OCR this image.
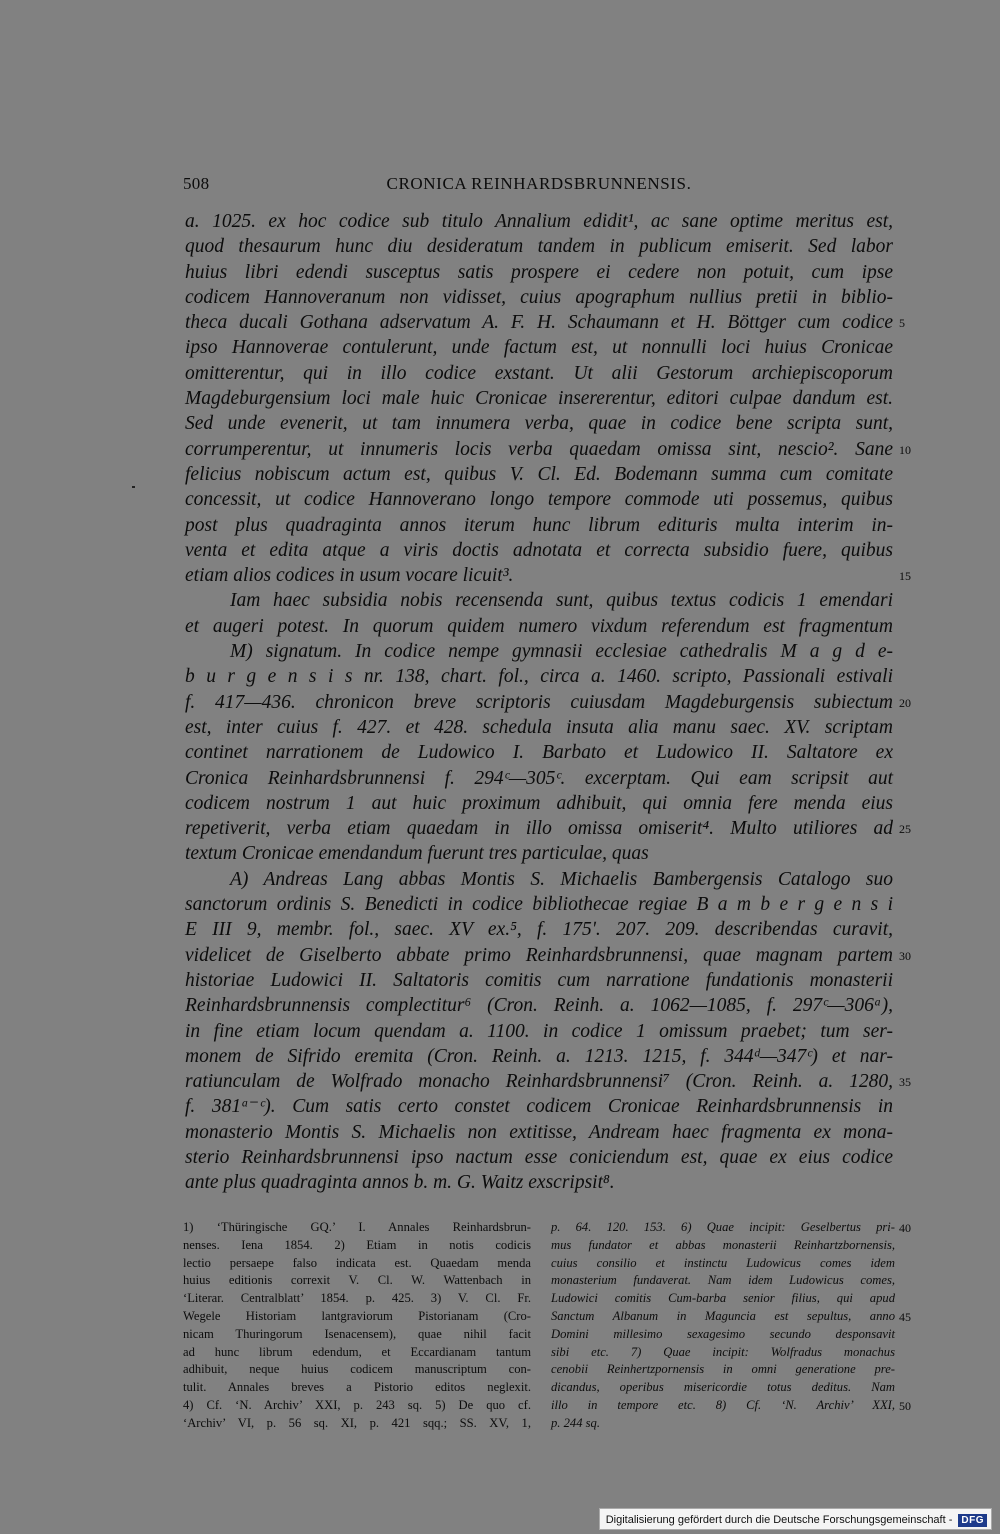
508	CRONICA REINHARDSBRUNNENSIS.
a. 1025. ex hoc codice sub titulo Annalium edidit¹, ac sane optime meritus est,
quod thesaurum hunc diu desideratum tandem in publicum emiserit. Sed labor
huius libri edendi susceptus satis prospere ei cedere non potuit, cum ipse
codicem Hannoveranum non vidisset, cuius apographum nullius pretii in biblio-
theca ducali Gothana adservatum A. F. H. Schaumann et H. Böttger cum codice
ipso Hannoverae contulerunt, unde factum est, ut nonnulli loci huius Cronicae
omitterentur, qui in illo codice exstant. Ut alii Gestorum archiepiscoporum
Magdeburgensium loci male huic Cronicae insererentur, editori culpae dandum est.
Sed unde evenerit, ut tam innumera verba, quae in codice bene scripta sunt,
corrumperentur, ut innumeris locis verba quaedam omissa sint, nescio². Sane
felicius nobiscum actum est, quibus V. Cl. Ed. Bodemann summa cum comitate
concessit, ut codice Hannoverano longo tempore commode uti possemus, quibus
post plus quadraginta annos iterum hunc librum edituris multa interim in-
venta et edita atque a viris doctis adnotata et correcta subsidio fuere, quibus
etiam alios codices in usum vocare licuit³.
Iam haec subsidia nobis recensenda sunt, quibus textus codicis 1 emendari
et augeri potest. In quorum quidem numero vixdum referendum est fragmentum
M) signatum. In codice nempe gymnasii ecclesiae cathedralis M a g d e-
b u r g e n s i s nr. 138, chart. fol., circa a. 1460. scripto, Passionali estivali
f. 417—436. chronicon breve scriptoris cuiusdam Magdeburgensis subiectum
est, inter cuius f. 427. et 428. schedula insuta alia manu saec. XV. scriptam
continet narrationem de Ludowico I. Barbato et Ludowico II. Saltatore ex
Cronica Reinhardsbrunnensi f. 294ᶜ—305ᶜ. excerptam. Qui eam scripsit aut
codicem nostrum 1 aut huic proximum adhibuit, qui omnia fere menda eius
repetiverit, verba etiam quaedam in illo omissa omiserit⁴. Multo utiliores ad
textum Cronicae emendandum fuerunt tres particulae, quas
A) Andreas Lang abbas Montis S. Michaelis Bambergensis Catalogo suo
sanctorum ordinis S. Benedicti in codice bibliothecae regiae B a m b e r g e n s i
E III 9, membr. fol., saec. XV ex.⁵, f. 175ʹ. 207. 209. describendas curavit,
videlicet de Giselberto abbate primo Reinhardsbrunnensi, quae magnam partem
historiae Ludowici II. Saltatoris comitis cum narratione fundationis monasterii
Reinhardsbrunnensis complectitur⁶ (Cron. Reinh. a. 1062—1085, f. 297ᶜ—306ᵃ),
in fine etiam locum quendam a. 1100. in codice 1 omissum praebet; tum ser-
monem de Sifrido eremita (Cron. Reinh. a. 1213. 1215, f. 344ᵈ—347ᶜ) et nar-
ratiunculam de Wolfrado monacho Reinhardsbrunnensi⁷ (Cron. Reinh. a. 1280,
f. 381ᵃ⁻ᶜ). Cum satis certo constet codicem Cronicae Reinhardsbrunnensis in
monasterio Montis S. Michaelis non extitisse, Andream haec fragmenta ex mona-
sterio Reinhardsbrunnensi ipso nactum esse coniciendum est, quae ex eius codice
ante plus quadraginta annos b. m. G. Waitz exscripsit⁸.
5
10
15
20
25
30
35
1) ‘Thüringische GQ.’ I. Annales Reinhardsbrun-
nenses. Iena 1854. 2) Etiam in notis codicis
lectio persaepe falso indicata est. Quaedam menda
huius editionis correxit V. Cl. W. Wattenbach in
‘Literar. Centralblatt’ 1854. p. 425. 3) V. Cl. Fr.
Wegele Historiam lantgraviorum Pistorianam (Cro-
nicam Thuringorum Isenacensem), quae nihil facit
ad hunc librum edendum, et Eccardianam tantum
adhibuit, neque huius codicem manuscriptum con-
tulit. Annales breves a Pistorio editos neglexit.
4) Cf. ‘N. Archiv’ XXI, p. 243 sq. 5) De quo cf.
‘Archiv’ VI, p. 56 sq. XI, p. 421 sqq.; SS. XV, 1,
p. 64. 120. 153. 6) Quae incipit: Geselbertus pri-
mus fundator et abbas monasterii Reinhartzbornensis,
cuius consilio et instinctu Ludowicus comes idem
monasterium fundaverat. Nam idem Ludowicus comes,
Ludowici comitis Cum-barba senior filius, qui apud
Sanctum Albanum in Maguncia est sepultus, anno
Domini millesimo sexagesimo secundo desponsavit
sibi etc. 7) Quae incipit: Wolfradus monachus
cenobii Reinhertzpornensis in omni generatione pre-
dicandus, operibus misericordie totus deditus. Nam
illo in tempore etc. 8) Cf. ‘N. Archiv’ XXI,
p. 244 sq.
40
45
50
Digitalisierung gefördert durch die Deutsche Forschungsgemeinschaft - DFG
